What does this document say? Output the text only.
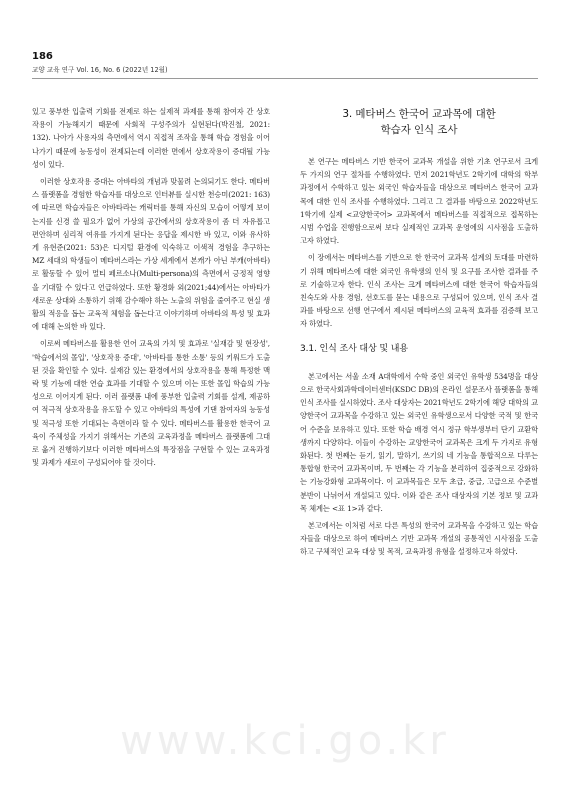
186
교양 교육 연구 Vol. 16, No. 6 (2022년 12월)

있고 풍부한 입출력 기회를 전제로 하는 실제적 과제를 통해 참여자 간 상호작용이 가능해지기 때문에 사회적 구성주의가 실현된다(박진철, 2021: 132). 나아가 사용자의 측면에서 역시 직접적 조작을 통해 학습 경험을 이어나가기 때문에 능동성이 전제되는데 이러한 면에서 상호작용이 증대될 가능성이 있다.

이러한 상호작용 증대는 아바타의 개념과 맞물려 논의되기도 한다. 메타버스 플랫폼을 경험한 학습자를 대상으로 인터뷰를 실시한 천승미(2021: 163)에 따르면 학습자들은 아바타라는 캐릭터를 통해 자신의 모습이 어떻게 보이는지를 신경 쓸 필요가 없어 가상의 공간에서의 상호작용이 좀 더 자유롭고 편안하며 심리적 여유를 가지게 된다는 응답을 제시한 바 있고, 이와 유사하게 유현준(2021: 53)은 디지털 환경에 익숙하고 이색적 경험을 추구하는 MZ 세대의 학생들이 메타버스라는 가상 세계에서 본캐가 아닌 부캐(아바타)로 활동할 수 있어 멀티 페르소나(Multi-persona)의 측면에서 긍정적 영향을 기대할 수 있다고 언급하였다. 또한 황경화 외(2021;44)에서는 아바타가 새로운 상대와 소통하기 위해 감수해야 하는 노출의 위험을 줄여주고 현실 생활의 적응을 돕는 교육적 체험을 돕는다고 이야기하며 아바타의 특성 및 효과에 대해 논의한 바 있다.

이로써 메타버스를 활용한 언어 교육의 가치 및 효과로 '실재감 및 현장성', '학습에서의 몰입', '상호작용 증대', '아바타를 통한 소통' 등의 키워드가 도출된 것을 확인할 수 있다. 실재감 있는 환경에서의 상호작용을 통해 특정한 맥락 및 기능에 대한 연습 효과를 기대할 수 있으며 이는 또한 몰입 학습의 가능성으로 이어지게 된다. 이러 플랫폼 내에 풍부한 입출력 기회를 설계, 제공하여 적극적 상호작용을 유도할 수 있고 아바타의 특성에 기댄 참여자의 능동성 및 적극성 또한 기대되는 측면이라 할 수 있다. 메타버스를 활용한 한국어 교육이 주체성을 가지기 위해서는 기존의 교육과정을 메타버스 플랫폼에 그대로 옮겨 진행하기보다 이러한 메타버스의 특장점을 구현할 수 있는 교육과정 및 과제가 새로이 구성되어야 할 것이다.

3. 메타버스 한국어 교과목에 대한
학습자 인식 조사

본 연구는 메타버스 기반 한국어 교과목 개설을 위한 기초 연구로서 크게 두 가지의 연구 절차를 수행하였다. 먼저 2021학년도 2학기에 대학의 학부 과정에서 수학하고 있는 외국인 학습자들을 대상으로 메타버스 한국어 교과목에 대한 인식 조사를 수행하였다. 그리고 그 결과를 바탕으로 2022학년도 1학기에 실제 <교양한국어> 교과목에서 메타버스를 직접적으로 접목하는 시범 수업을 진행함으로써 보다 실제적인 교과목 운영에의 시사점을 도출하고자 하였다.

이 장에서는 메타버스를 기반으로 한 한국어 교과목 설계의 토대를 마련하기 위해 메타버스에 대한 외국인 유학생의 인식 및 요구를 조사한 결과를 주로 기술하고자 한다. 인식 조사는 크게 메타버스에 대한 한국어 학습자들의 친숙도와 사용 경험, 선호도를 묻는 내용으로 구성되어 있으며, 인식 조사 결과를 바탕으로 선행 연구에서 제시된 메타버스의 교육적 효과를 검증해 보고자 하였다.

3.1. 인식 조사 대상 및 내용

본고에서는 서울 소재 A대학에서 수학 중인 외국인 유학생 534명을 대상으로 한국사회과학데이터센터(KSDC DB)의 온라인 설문조사 플랫폼을 통해 인식 조사를 실시하였다. 조사 대상자는 2021학년도 2학기에 해당 대학의 교양한국어 교과목을 수강하고 있는 외국인 유학생으로서 다양한 국적 및 한국어 수준을 보유하고 있다. 또한 학습 배경 역시 정규 학부생부터 단기 교환학생까지 다양하다. 이들이 수강하는 교양한국어 교과목은 크게 두 가지로 유형화된다. 첫 번째는 듣기, 읽기, 말하기, 쓰기의 네 기능을 통합적으로 다루는 통합형 한국어 교과목이며, 두 번째는 각 기능을 분리하여 집중적으로 강화하는 기능강화형 교과목이다. 이 교과목들은 모두 초급, 중급, 고급으로 수준별 분반이 나뉘어서 개설되고 있다. 이와 같은 조사 대상자의 기본 정보 및 교과목 체계는 <표 1>과 같다.

본고에서는 이처럼 서로 다른 특성의 한국어 교과목을 수강하고 있는 학습자들을 대상으로 하여 메타버스 기반 교과목 개설의 공통적인 시사점을 도출하고 구체적인 교육 대상 및 목적, 교육과정 유형을 설정하고자 하였다.

www.kci.go.kr
